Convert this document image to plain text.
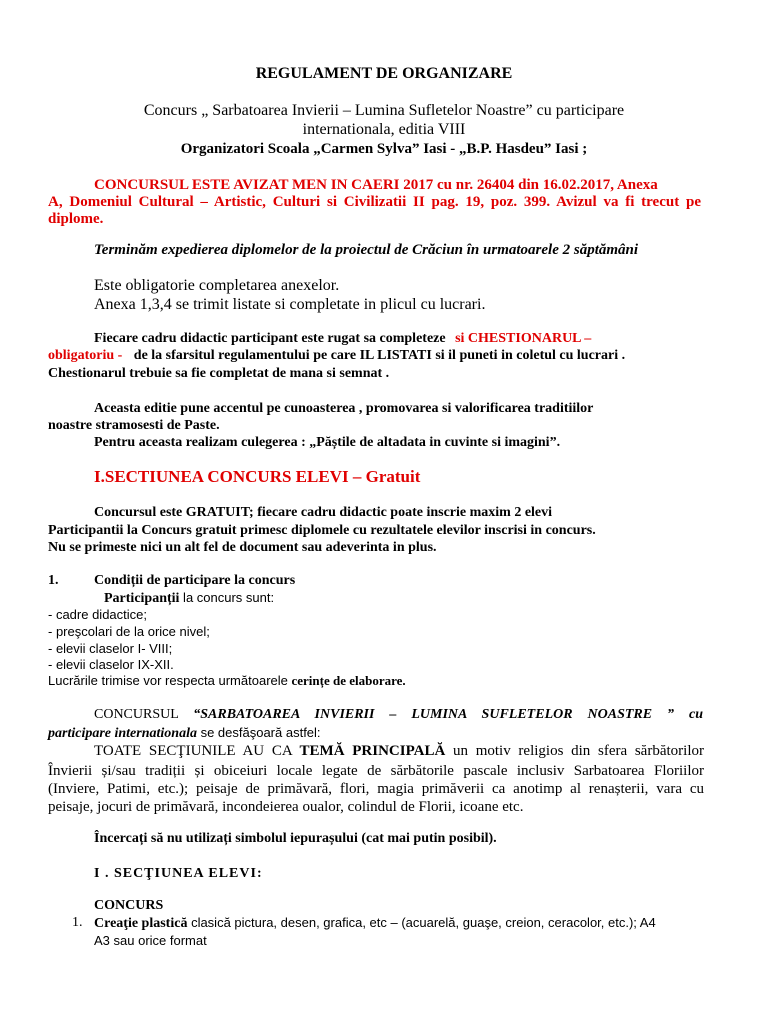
REGULAMENT DE ORGANIZARE
Concurs „ Sarbatoarea Invierii – Lumina Sufletelor Noastre” cu participare
internationala, editia VIII
Organizatori Scoala „Carmen Sylva” Iasi - „B.P. Hasdeu” Iasi ;
CONCURSUL ESTE AVIZAT MEN IN CAERI 2017 cu nr. 26404 din 16.02.2017, Anexa
A, Domeniul Cultural – Artistic, Culturi si Civilizatii II pag. 19, poz. 399. Avizul va fi trecut pe
diplome.
Terminăm expedierea diplomelor de la proiectul de Crăciun în urmatoarele 2 săptămâni
Este obligatorie completarea anexelor.
Anexa 1,3,4 se trimit listate si completate in plicul cu lucrari.
Fiecare cadru didactic participant este rugat sa completeze si CHESTIONARUL –
obligatoriu - de la sfarsitul regulamentului pe care IL LISTATI si il puneti in coletul cu lucrari .
Chestionarul trebuie sa fie completat de mana si semnat .
Aceasta editie pune accentul pe cunoasterea , promovarea si valorificarea traditiilor
noastre stramosesti de Paste.
Pentru aceasta realizam culegerea : „Păștile de altadata in cuvinte si imagini”.
I.SECTIUNEA CONCURS ELEVI – Gratuit
Concursul este GRATUIT; fiecare cadru didactic poate inscrie maxim 2 elevi
Participantii la Concurs gratuit primesc diplomele cu rezultatele elevilor inscrisi in concurs.
Nu se primeste nici un alt fel de document sau adeverinta in plus.
1.	Condiții de participare la concurs
Participanții la concurs sunt:
- cadre didactice;
- preşcolari de la orice nivel;
- elevii claselor I- VIII;
- elevii claselor IX-XII.
Lucrările trimise vor respecta următoarele cerințe de elaborare.
CONCURSUL “SARBATOAREA INVIERII – LUMINA SUFLETELOR NOASTRE ” cu
participare internationala se desfăşoară astfel:
TOATE SECŢIUNILE AU CA TEMĂ PRINCIPALĂ un motiv religios din sfera sărbătorilor
Învierii și/sau tradiții și obiceiuri locale legate de sărbătorile pascale inclusiv Sarbatoarea Floriilor
(Inviere, Patimi, etc.); peisaje de primăvară, flori, magia primăverii ca anotimp al renașterii, vara cu
peisaje, jocuri de primăvară, incondeierea oualor, colindul de Florii, icoane etc.
Încercați să nu utilizați simbolul iepurașului (cat mai putin posibil).
I . SECŢIUNEA ELEVI:
CONCURS
1. Creaţie plastică clasică pictura, desen, grafica, etc – (acuarelă, guaşe, creion, ceracolor, etc.); A4
A3 sau orice format
